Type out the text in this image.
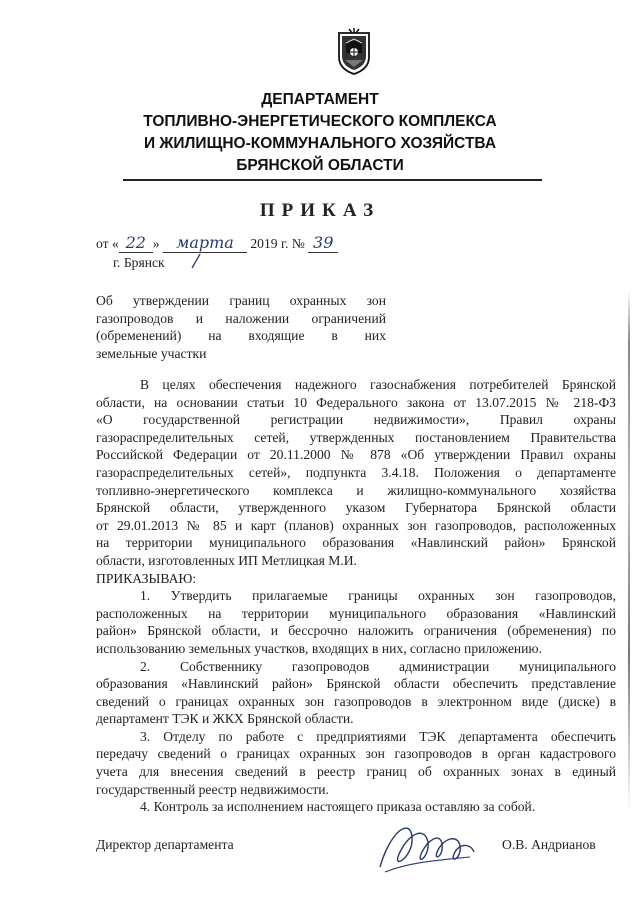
ДЕПАРТАМЕНТ
ТОПЛИВНО-ЭНЕРГЕТИЧЕСКОГО КОМПЛЕКСА
И ЖИЛИЩНО-КОММУНАЛЬНОГО ХОЗЯЙСТВА
БРЯНСКОЙ ОБЛАСТИ
ПРИКАЗ
от « 22 » марта 2019 г. № 39
г. Брянск
Об утверждении границ охранных зон
газопроводов и наложении ограничений
(обременений) на входящие в них
земельные участки
В целях обеспечения надежного газоснабжения потребителей Брянской
области, на основании статьи 10 Федерального закона от 13.07.2015 № 218-ФЗ
«О государственной регистрации недвижимости», Правил охраны
газораспределительных сетей, утвержденных постановлением Правительства
Российской Федерации от 20.11.2000 № 878 «Об утверждении Правил охраны
газораспределительных сетей», подпункта 3.4.18. Положения о департаменте
топливно-энергетического комплекса и жилищно-коммунального хозяйства
Брянской области, утвержденного указом Губернатора Брянской области
от 29.01.2013 № 85 и карт (планов) охранных зон газопроводов, расположенных
на территории муниципального образования «Навлинский район» Брянской
области, изготовленных ИП Метлицкая М.И.
ПРИКАЗЫВАЮ:
1. Утвердить прилагаемые границы охранных зон газопроводов,
расположенных на территории муниципального образования «Навлинский
район» Брянской области, и бессрочно наложить ограничения (обременения) по
использованию земельных участков, входящих в них, согласно приложению.
2. Собственнику газопроводов администрации муниципального
образования «Навлинский район» Брянской области обеспечить представление
сведений о границах охранных зон газопроводов в электронном виде (диске) в
департамент ТЭК и ЖКХ Брянской области.
3. Отделу по работе с предприятиями ТЭК департамента обеспечить
передачу сведений о границах охранных зон газопроводов в орган кадастрового
учета для внесения сведений в реестр границ об охранных зонах в единый
государственный реестр недвижимости.
4. Контроль за исполнением настоящего приказа оставляю за собой.
Директор департамента	О.В. Андрианов
